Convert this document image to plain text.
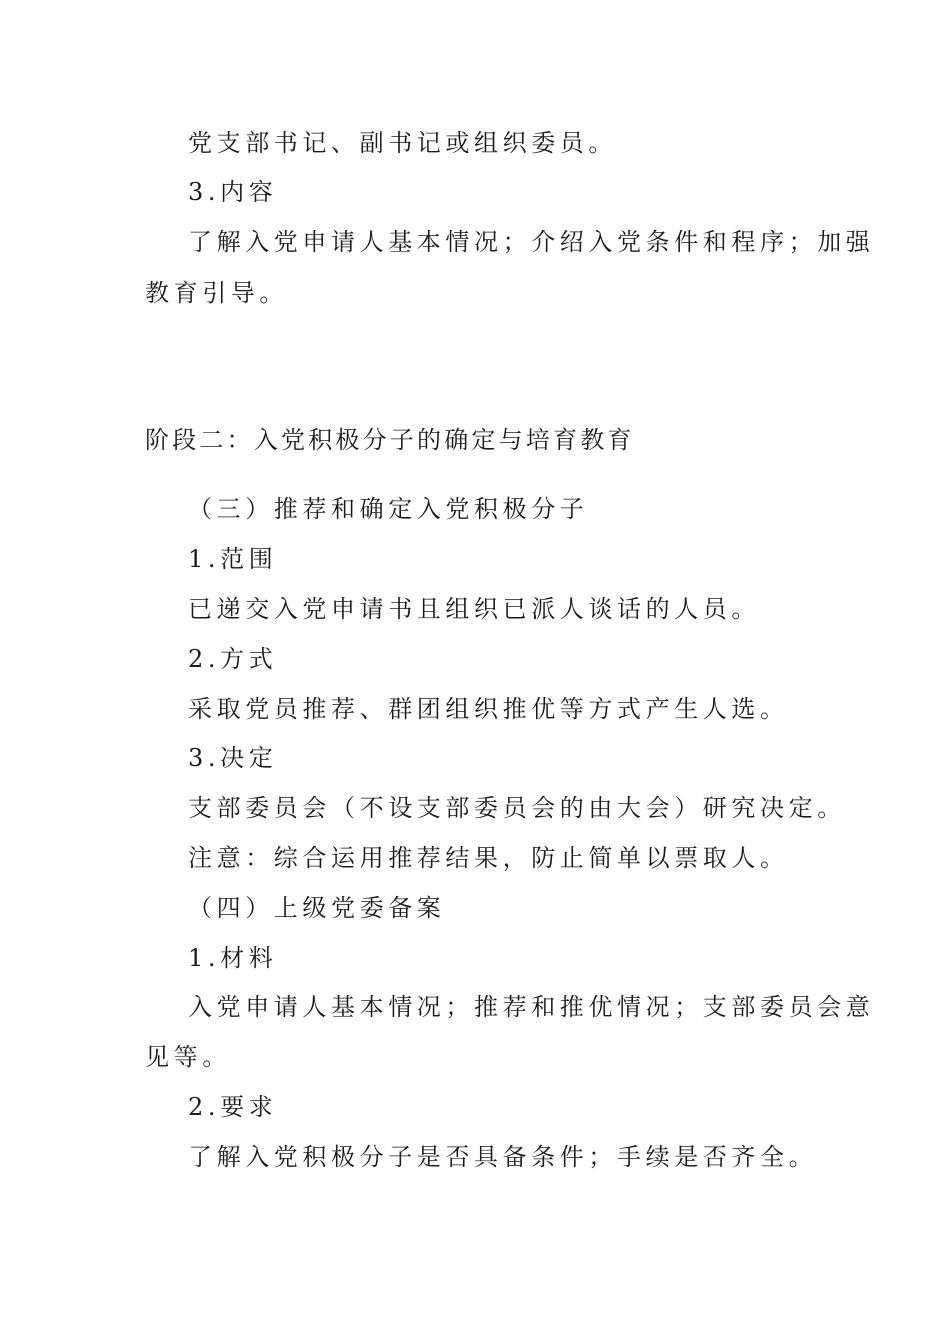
党支部书记、副书记或组织委员。
3.内容
了解入党申请人基本情况；介绍入党条件和程序；加强
教育引导。
阶段二：入党积极分子的确定与培育教育
（三）推荐和确定入党积极分子
1.范围
已递交入党申请书且组织已派人谈话的人员。
2.方式
采取党员推荐、群团组织推优等方式产生人选。
3.决定
支部委员会（不设支部委员会的由大会）研究决定。
注意：综合运用推荐结果，防止简单以票取人。
（四）上级党委备案
1.材料
入党申请人基本情况；推荐和推优情况；支部委员会意
见等。
2.要求
了解入党积极分子是否具备条件；手续是否齐全。
